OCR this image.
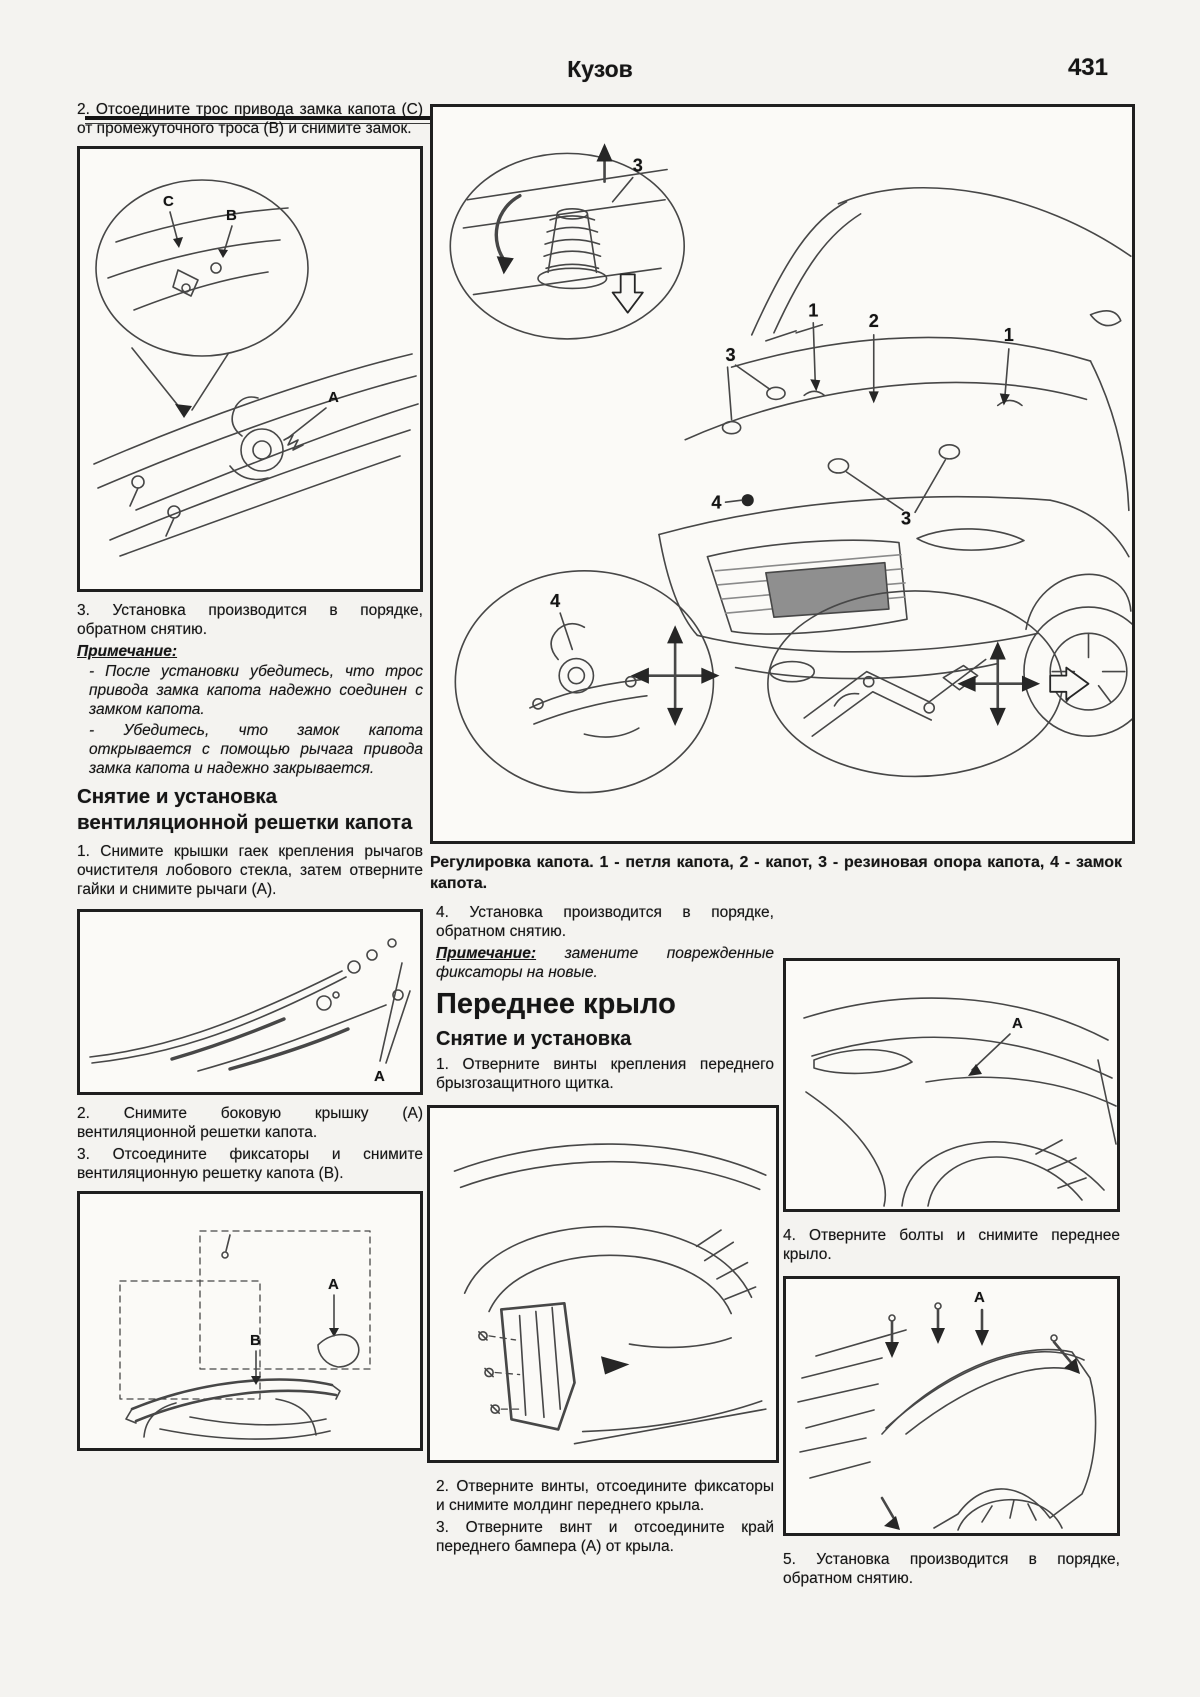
Кузов	431

2. Отсоедините трос привода замка капота (C) от промежуточного троса (B) и снимите замок.

C
B
A

3. Установка производится в порядке, обратном снятию.

Примечание:

- После установки убедитесь, что трос привода замка капота надежно соединен с замком капота.

- Убедитесь, что замок капота открывается с помощью рычага привода замка капота и надежно закрывается.

Снятие и установка вентиляционной решетки капота

1. Снимите крышки гаек крепления рычагов очистителя лобового стекла, затем отверните гайки и снимите рычаги (A).

A

2. Снимите боковую крышку (A) вентиляционной решетки капота.

3. Отсоедините фиксаторы и снимите вентиляционную решетку капота (B).

B
A
3
1
2
1
3
4
3
4
Регулировка капота. 1 - петля капота, 2 - капот, 3 - резиновая опора капота, 4 - замок капота.

4. Установка производится в порядке, обратном снятию.

Примечание: замените поврежденные фиксаторы на новые.

Переднее крыло
Снятие и установка

1. Отверните винты крепления переднего брызгозащитного щитка.

2. Отверните винты, отсоедините фиксаторы и снимите молдинг переднего крыла.

3. Отверните винт и отсоедините край переднего бампера (A) от крыла.

A

4. Отверните болты и снимите переднее крыло.

A

5. Установка производится в порядке, обратном снятию.
